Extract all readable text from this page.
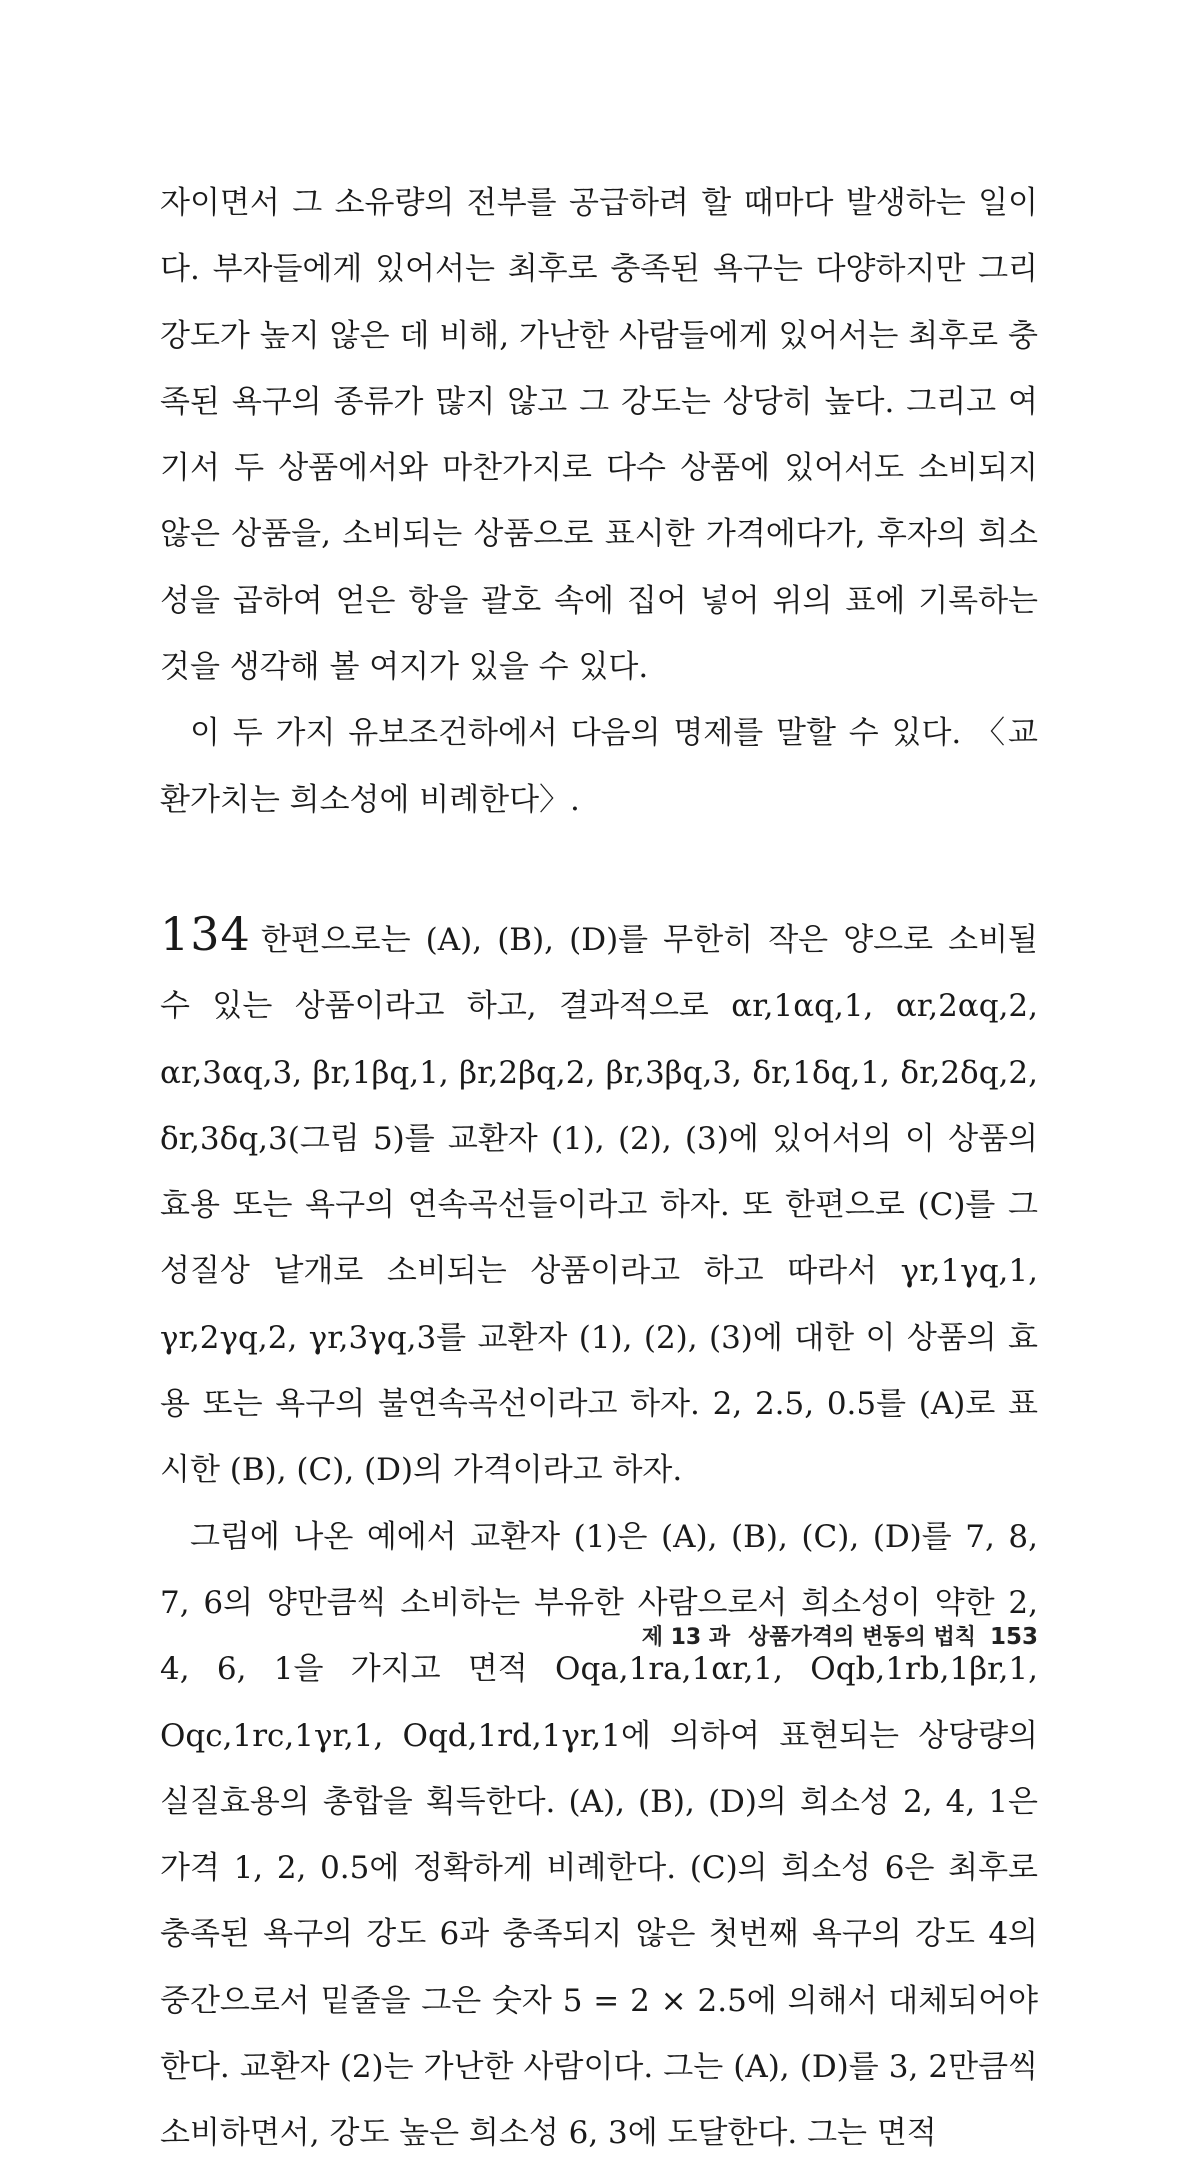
자이면서 그 소유량의 전부를 공급하려 할 때마다 발생하는 일이다. 부자들에게 있어서는 최후로 충족된 욕구는 다양하지만 그리 강도가 높지 않은 데 비해, 가난한 사람들에게 있어서는 최후로 충족된 욕구의 종류가 많지 않고 그 강도는 상당히 높다. 그리고 여기서 두 상품에서와 마찬가지로 다수 상품에 있어서도 소비되지 않은 상품을, 소비되는 상품으로 표시한 가격에다가, 후자의 희소성을 곱하여 얻은 항을 괄호 속에 집어 넣어 위의 표에 기록하는 것을 생각해 볼 여지가 있을 수 있다.

이 두 가지 유보조건하에서 다음의 명제를 말할 수 있다. 〈교환가치는 희소성에 비례한다〉.

134 한편으로는 (A), (B), (D)를 무한히 작은 양으로 소비될 수 있는 상품이라고 하고, 결과적으로 αr,1αq,1, αr,2αq,2, αr,3αq,3, βr,1βq,1, βr,2βq,2, βr,3βq,3, δr,1δq,1, δr,2δq,2, δr,3δq,3(그림 5)를 교환자 (1), (2), (3)에 있어서의 이 상품의 효용 또는 욕구의 연속곡선들이라고 하자. 또 한편으로 (C)를 그 성질상 낱개로 소비되는 상품이라고 하고 따라서 γr,1γq,1, γr,2γq,2, γr,3γq,3를 교환자 (1), (2), (3)에 대한 이 상품의 효용 또는 욕구의 불연속곡선이라고 하자. 2, 2.5, 0.5를 (A)로 표시한 (B), (C), (D)의 가격이라고 하자.

그림에 나온 예에서 교환자 (1)은 (A), (B), (C), (D)를 7, 8, 7, 6의 양만큼씩 소비하는 부유한 사람으로서 희소성이 약한 2, 4, 6, 1을 가지고 면적 Oqa,1ra,1αr,1, Oqb,1rb,1βr,1, Oqc,1rc,1γr,1, Oqd,1rd,1γr,1에 의하여 표현되는 상당량의 실질효용의 총합을 획득한다. (A), (B), (D)의 희소성 2, 4, 1은 가격 1, 2, 0.5에 정확하게 비례한다. (C)의 희소성 6은 최후로 충족된 욕구의 강도 6과 충족되지 않은 첫번째 욕구의 강도 4의 중간으로서 밑줄을 그은 숫자 5 = 2 × 2.5에 의해서 대체되어야 한다. 교환자 (2)는 가난한 사람이다. 그는 (A), (D)를 3, 2만큼씩 소비하면서, 강도 높은 희소성 6, 3에 도달한다. 그는 면적

제 13 과 상품가격의 변동의 법칙 153
